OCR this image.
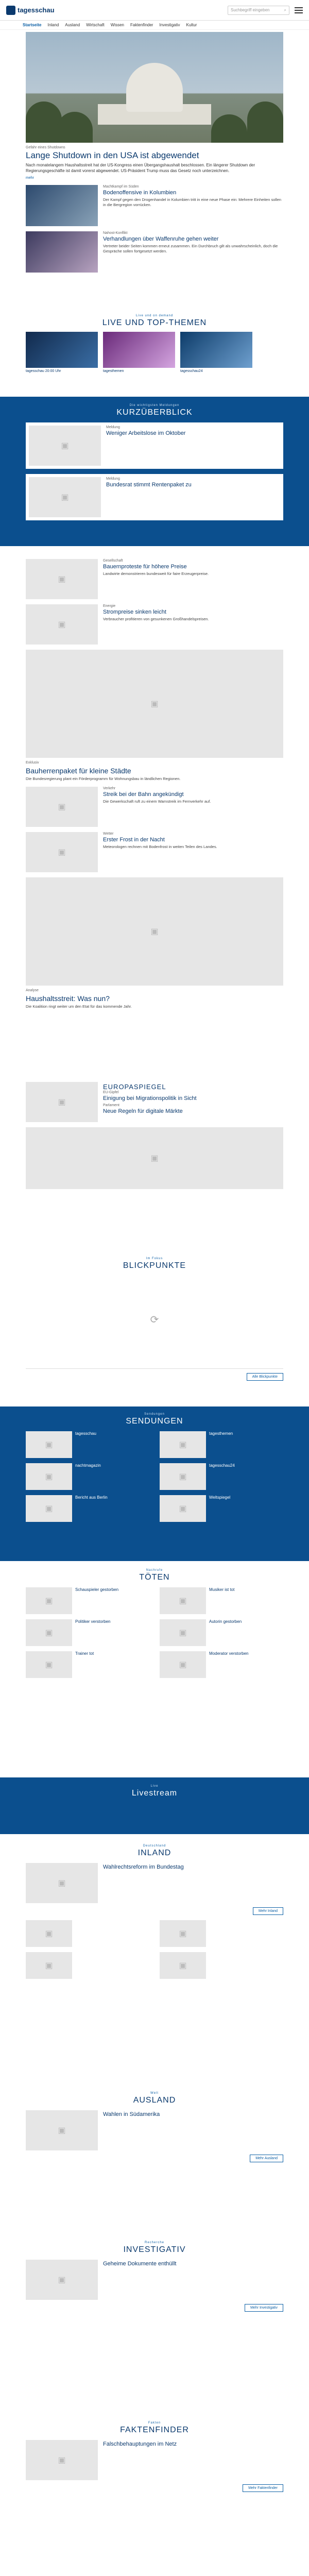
tagesschau	Suchbegriff eingeben	⌕
Startseite Inland Ausland Wirtschaft Wissen Faktenfinder Investigativ Kultur
Gefahr eines Shutdowns
Lange Shutdown in den USA ist abgewendet
Nach monatelangem Haushaltsstreit hat der US-Kongress einen Übergangshaushalt beschlossen. Ein längerer Shutdown der Regierungsgeschäfte ist damit vorerst abgewendet. US-Präsident Trump muss das Gesetz noch unterzeichnen.
mehr
Machtkampf im Süden
Bodenoffensive in Kolumbien
Der Kampf gegen den Drogenhandel in Kolumbien tritt in eine neue Phase ein: Mehrere Einheiten sollen in die Bergregion vorrücken.
Nahost-Konflikt
Verhandlungen über Waffenruhe gehen weiter
Vertreter beider Seiten kommen erneut zusammen. Ein Durchbruch gilt als unwahrscheinlich, doch die Gespräche sollen fortgesetzt werden.
Live und on demand
LIVE UND TOP-THEMEN
tagesschau 20:00 Uhr	tagesthemen	tagesschau24
Die wichtigsten Meldungen
KURZÜBERBLICK
▣
Meldung
Weniger Arbeitslose im Oktober
▣
Meldung
Bundesrat stimmt Rentenpaket zu
▣
Gesellschaft
Bauernproteste für höhere Preise
Landwirte demonstrieren bundesweit für faire Erzeugerpreise.
▣
Energie
Strompreise sinken leicht
Verbraucher profitieren von gesunkenen Großhandelspreisen.
▣
Exklusiv
Bauherrenpaket für kleine Städte
Die Bundesregierung plant ein Förderprogramm für Wohnungsbau in ländlichen Regionen.
▣
Verkehr
Streik bei der Bahn angekündigt
Die Gewerkschaft ruft zu einem Warnstreik im Fernverkehr auf.
▣
Wetter
Erster Frost in der Nacht
Meteorologen rechnen mit Bodenfrost in weiten Teilen des Landes.
▣
Analyse
Haushaltsstreit: Was nun?
Die Koalition ringt weiter um den Etat für das kommende Jahr.
▣
EUROPASPIEGEL
EU-Gipfel
Einigung bei Migrationspolitik in Sicht
Parlament
Neue Regeln für digitale Märkte
▣
Im Fokus
BLICKPUNKTE
⟳
Alle Blickpunkte
Sendungen
SENDUNGEN
▣
tagesschau ▣	tagesthemen
▣
nachtmagazin ▣	tagesschau24
▣
Bericht aus Berlin ▣	Weltspiegel
Nachrufe
TÖTEN
▣
Schauspieler gestorben ▣	Musiker ist tot
▣
Politiker verstorben ▣	Autorin gestorben
▣
Trainer tot ▣	Moderator verstorben
Live
Livestream
Deutschland
INLAND
▣
Wahlrechtsreform im Bundestag
Mehr Inland
▣
▣
▣
▣
Welt
AUSLAND
▣
Wahlen in Südamerika
Mehr Ausland
Recherche
INVESTIGATIV
▣
Geheime Dokumente enthüllt
Mehr Investigativ
Fakten
FAKTENFINDER
▣
Falschbehauptungen im Netz
Mehr Faktenfinder
